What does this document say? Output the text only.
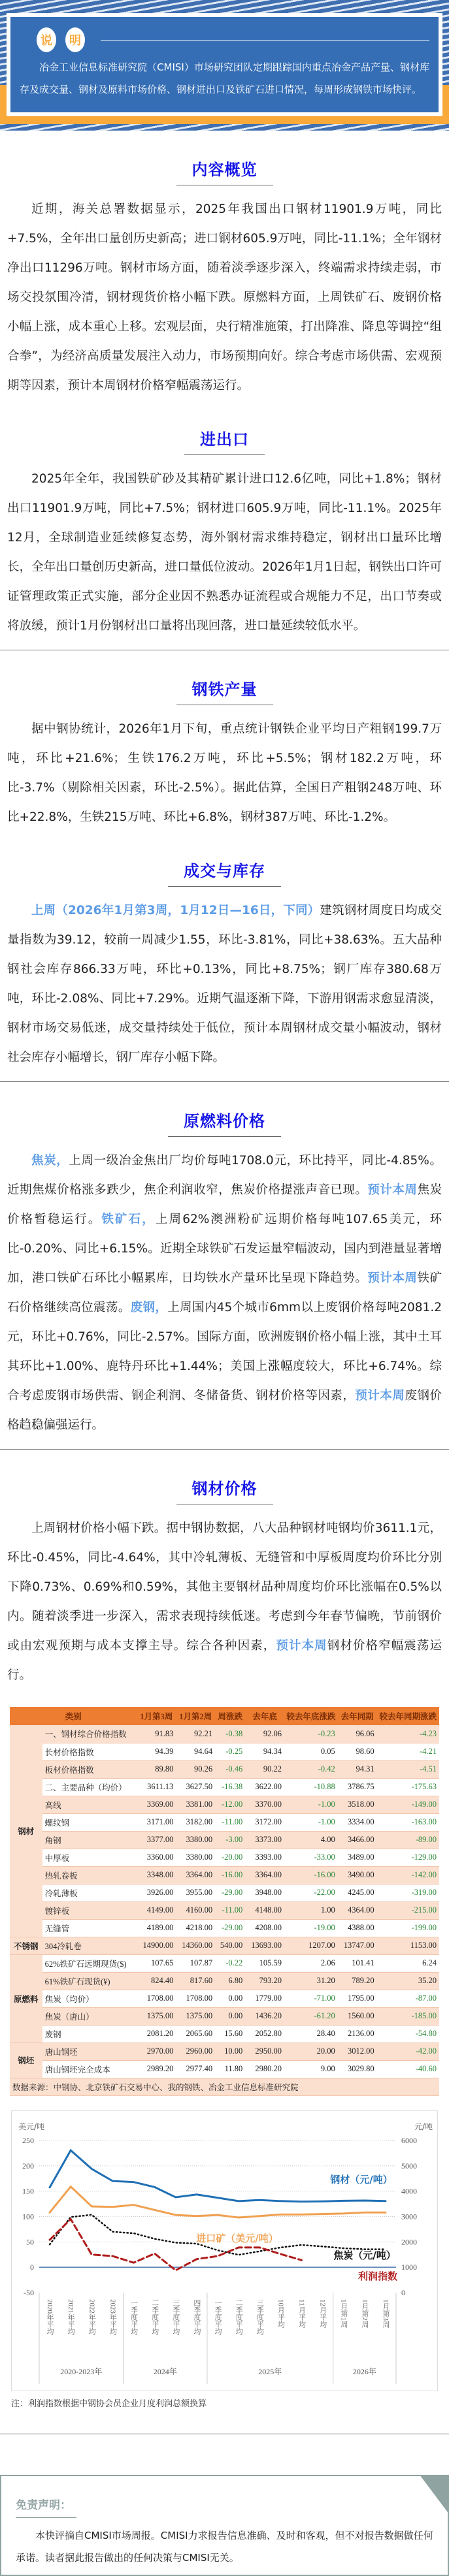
说	明

冶金工业信息标准研究院（CMISI）市场研究团队定期跟踪国内重点冶金产品产量、钢材库存及成交量、钢材及原料市场价格、钢材进出口及铁矿石进口情况，每周形成钢铁市场快评。

内容概览

近期，海关总署数据显示，2025年我国出口钢材11901.9万吨，同比+7.5%，全年出口量创历史新高；进口钢材605.9万吨，同比-11.1%；全年钢材净出口11296万吨。钢材市场方面，随着淡季逐步深入，终端需求持续走弱，市场交投氛围冷清，钢材现货价格小幅下跌。原燃料方面，上周铁矿石、废钢价格小幅上涨，成本重心上移。宏观层面，央行精准施策，打出降准、降息等调控“组合拳”，为经济高质量发展注入动力，市场预期向好。综合考虑市场供需、宏观预期等因素，预计本周钢材价格窄幅震荡运行。

进出口

2025年全年，我国铁矿砂及其精矿累计进口12.6亿吨，同比+1.8%；钢材出口11901.9万吨，同比+7.5%；钢材进口605.9万吨，同比-11.1%。2025年12月，全球制造业延续修复态势，海外钢材需求维持稳定，钢材出口量环比增长，全年出口量创历史新高，进口量低位波动。2026年1月1日起，钢铁出口许可证管理政策正式实施，部分企业因不熟悉办证流程或合规能力不足，出口节奏或将放缓，预计1月份钢材出口量将出现回落，进口量延续较低水平。

钢铁产量

据中钢协统计，2026年1月下旬，重点统计钢铁企业平均日产粗钢199.7万吨，环比+21.6%；生铁176.2万吨，环比+5.5%；钢材182.2万吨，环比-3.7%（剔除相关因素，环比-2.5%）。据此估算，全国日产粗钢248万吨、环比+22.8%，生铁215万吨、环比+6.8%，钢材387万吨、环比-1.2%。

成交与库存

上周（2026年1月第3周，1月12日—16日，下同）建筑钢材周度日均成交量指数为39.12，较前一周减少1.55，环比-3.81%，同比+38.63%。五大品种钢社会库存866.33万吨，环比+0.13%，同比+8.75%；钢厂库存380.68万吨，环比-2.08%、同比+7.29%。近期气温逐渐下降，下游用钢需求愈显清淡，钢材市场交易低迷，成交量持续处于低位，预计本周钢材成交量小幅波动，钢材社会库存小幅增长，钢厂库存小幅下降。

原燃料价格

焦炭，上周一级冶金焦出厂均价每吨1708.0元，环比持平，同比-4.85%。近期焦煤价格涨多跌少，焦企利润收窄，焦炭价格提涨声音已现。预计本周焦炭价格暂稳运行。铁矿石，上周62%澳洲粉矿远期价格每吨107.65美元，环比-0.20%、同比+6.15%。近期全球铁矿石发运量窄幅波动，国内到港量显著增加，港口铁矿石环比小幅累库，日均铁水产量环比呈现下降趋势。预计本周铁矿石价格继续高位震荡。废钢，上周国内45个城市6mm以上废钢价格每吨2081.2元，环比+0.76%，同比-2.57%。国际方面，欧洲废钢价格小幅上涨，其中土耳其环比+1.00%、鹿特丹环比+1.44%；美国上涨幅度较大，环比+6.74%。综合考虑废钢市场供需、钢企利润、冬储备货、钢材价格等因素，预计本周废钢价格趋稳偏强运行。

钢材价格

上周钢材价格小幅下跌。据中钢协数据，八大品种钢材吨钢均价3611.1元，环比-0.45%，同比-4.64%，其中冷轧薄板、无缝管和中厚板周度均价环比分别下降0.73%、0.69%和0.59%，其他主要钢材品种周度均价环比涨幅在0.5%以内。随着淡季进一步深入，需求表现持续低迷。考虑到今年春节偏晚，节前钢价或由宏观预期与成本支撑主导。综合各种因素，预计本周钢材价格窄幅震荡运行。

类别		1月第3周	1月第2周	周涨跌	去年底	较去年底涨跌	去年同期	较去年同期涨跌
钢材	一、钢材综合价格指数	91.83	92.21	-0.38	92.06	-0.23	96.06	-4.23
	长材价格指数	94.39	94.64	-0.25	94.34	0.05	98.60	-4.21
	板材价格指数	89.80	90.26	-0.46	90.22	-0.42	94.31	-4.51
	二、主要品种（均价）	3611.13	3627.50	-16.38	3622.00	-10.88	3786.75	-175.63
	高线	3369.00	3381.00	-12.00	3370.00	-1.00	3518.00	-149.00
	螺纹钢	3171.00	3182.00	-11.00	3172.00	-1.00	3334.00	-163.00
	角钢	3377.00	3380.00	-3.00	3373.00	4.00	3466.00	-89.00
	中厚板	3360.00	3380.00	-20.00	3393.00	-33.00	3489.00	-129.00
	热轧卷板	3348.00	3364.00	-16.00	3364.00	-16.00	3490.00	-142.00
	冷轧薄板	3926.00	3955.00	-29.00	3948.00	-22.00	4245.00	-319.00
	镀锌板	4149.00	4160.00	-11.00	4148.00	1.00	4364.00	-215.00
	无缝管	4189.00	4218.00	-29.00	4208.00	-19.00	4388.00	-199.00
不锈钢	304冷轧卷	14900.00	14360.00	540.00	13693.00	1207.00	13747.00	1153.00
原燃料	62%铁矿石远期现货($)	107.65	107.87	-0.22	105.59	2.06	101.41	6.24
	61%铁矿石现货(¥)	824.40	817.60	6.80	793.20	31.20	789.20	35.20
	焦炭（均价）	1708.00	1708.00	0.00	1779.00	-71.00	1795.00	-87.00
	焦炭（唐山）	1375.00	1375.00	0.00	1436.20	-61.20	1560.00	-185.00
	废钢	2081.20	2065.60	15.60	2052.80	28.40	2136.00	-54.80
钢坯	唐山钢坯	2970.00	2960.00	10.00	2950.00	20.00	3012.00	-42.00
	唐山钢坯完全成本	2989.20	2977.40	11.80	2980.20	9.00	3029.80	-40.60
数据来源：中钢协、北京铁矿石交易中心、我的钢铁、冶金工业信息标准研究院								
美元/吨	元/吨
250
200
150
100
50
0
-50
6000
5000
4000
3000
2000
1000
0
2020年平均 2021年平均 2022年平均 2023年平均 一季度平均 二季度平均 三季度平均 四季度平均 一季度平均 二季度平均 三季度平均 10月平均 11月平均 12月平均 1月第1周 1月第2周 1月第3周
2020-2023年	2024年	2025年	2026年
钢材（元/吨）
进口矿（美元/吨）
焦炭（元/吨）
利润指数
注：利润指数根据中钢协会员企业月度利润总额换算
免责声明：

本快评摘自CMISI市场周报。CMISI力求报告信息准确、及时和客观，但不对报告数据做任何承诺。读者据此报告做出的任何决策与CMISI无关。
